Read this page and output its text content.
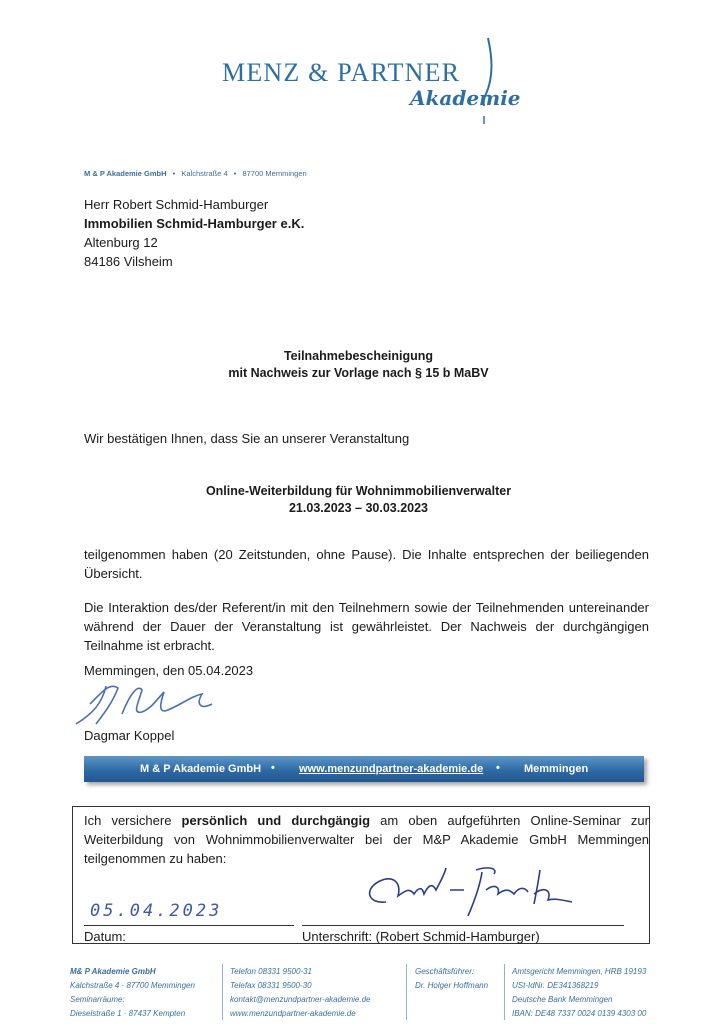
MENZ & PARTNER
Akademie
M & P Akademie GmbH • Kalchstraße 4 • 87700 Memmingen
Herr Robert Schmid-Hamburger
Immobilien Schmid-Hamburger e.K.
Altenburg 12
84186 Vilsheim
Teilnahmebescheinigung
mit Nachweis zur Vorlage nach § 15 b MaBV
Wir bestätigen Ihnen, dass Sie an unserer Veranstaltung
Online-Weiterbildung für Wohnimmobilienverwalter
21.03.2023 – 30.03.2023
teilgenommen haben (20 Zeitstunden, ohne Pause). Die Inhalte entsprechen der beiliegenden Übersicht.
Die Interaktion des/der Referent/in mit den Teilnehmern sowie der Teilnehmenden untereinander während der Dauer der Veranstaltung ist gewährleistet. Der Nachweis der durchgängigen Teilnahme ist erbracht.
Memmingen, den 05.04.2023
Dagmar Koppel
M & P Akademie GmbH • www.menzundpartner-akademie.de • Memmingen
Ich versichere persönlich und durchgängig am oben aufgeführten Online-Seminar zur Weiterbildung von Wohnimmobilienverwalter bei der M&P Akademie GmbH Memmingen teilgenommen zu haben:
05.04.2023
Datum:	Unterschrift: (Robert Schmid-Hamburger)
M& P Akademie GmbH
Kalchstraße 4 · 87700 Memmingen
Seminarräume:
Dieselstraße 1 · 87437 Kempten
Telefon 08331 9500-31
Telefax 08331 9500-30
kontakt@menzundpartner-akademie.de
www.menzundpartner-akademie.de
Geschäftsführer:
Dr. Holger Hoffmann
Amtsgericht Memmingen, HRB 19193
USt-IdNr. DE341368219
Deutsche Bank Memmingen
IBAN: DE48 7337 0024 0139 4303 00
